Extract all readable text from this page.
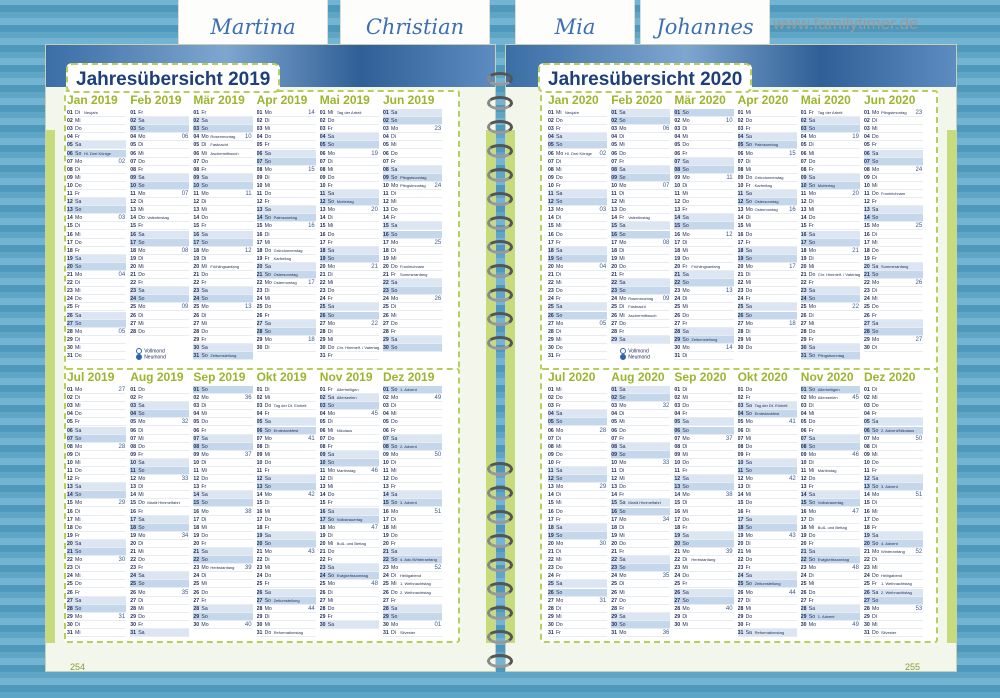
Martina	Christian	Mia	Johannes	www.familytimer.de
Jahresübersicht 2019
254
Jan 2019
01 Di Neujahr
02 Mi
03 Do
04 Fr
05 Sa
06 So Hl. Drei Könige
07 Mo	02
08 Di
09 Mi
10 Do
11 Fr
12 Sa
13 So
14 Mo	03
15 Di
16 Mi
17 Do
18 Fr
19 Sa
20 So
21 Mo	04
22 Di
23 Mi
24 Do
25 Fr
26 Sa
27 So
28 Mo	05
29 Di
30 Mi
31 Do
Feb 2019
01 Fr
02 Sa
03 So
04 Mo	06
05 Di
06 Mi
07 Do
08 Fr
09 Sa
10 So
11 Mo	07
12 Di
13 Mi
14 Do Valentinstag
15 Fr
16 Sa
17 So
18 Mo	08
19 Di
20 Mi
21 Do
22 Fr
23 Sa
24 So
25 Mo	09
26 Di
27 Mi
28 Do
Mär 2019
01 Fr
02 Sa
03 So
04 Mo Rosenmontag 10
05 Di Fastnacht
06 Mi Aschermittwoch
07 Do
08 Fr
09 Sa
10 So
11 Mo	11
12 Di
13 Mi
14 Do
15 Fr
16 Sa
17 So
18 Mo	12
19 Di
20 Mi Frühlingsanfang
21 Do
22 Fr
23 Sa
24 So
25 Mo	13
26 Di
27 Mi
28 Do
29 Fr
30 Sa
31 So Zeitumstellung
Apr 2019
01 Mo	14
02 Di
03 Mi
04 Do
05 Fr
06 Sa
07 So
08 Mo	15
09 Di
10 Mi
11 Do
12 Fr
13 Sa
14 So Palmsonntag
15 Mo	16
16 Di
17 Mi
18 Do Gründonnerstag
19 Fr Karfreitag
20 Sa
21 So Ostersonntag
22 Mo Ostermontag 17
23 Di
24 Mi
25 Do
26 Fr
27 Sa
28 So
29 Mo	18
30 Di
Mai 2019
01 Mi Tag der Arbeit
02 Do
03 Fr
04 Sa
05 So
06 Mo	19
07 Di
08 Mi
09 Do
10 Fr
11 Sa
12 So Muttertag
13 Mo	20
14 Di
15 Mi
16 Do
17 Fr
18 Sa
19 So
20 Mo	21
21 Di
22 Mi
23 Do
24 Fr
25 Sa
26 So
27 Mo	22
28 Di
29 Mi
30 Do Chr. Himmelf. / Vatertag
31 Fr
Jun 2019
01 Sa
02 So
03 Mo	23
04 Di
05 Mi
06 Do
07 Fr
08 Sa
09 So Pfingstsonntag
10 Mo Pfingstmontag 24
11 Di
12 Mi
13 Do
14 Fr
15 Sa
16 So
17 Mo	25
18 Di
19 Mi
20 Do Fronleichnam
21 Fr Sommeranfang
22 Sa
23 So
24 Mo	26
25 Di
26 Mi
27 Do
28 Fr
29 Sa
30 So
Jul 2019
01 Mo	27
02 Di
03 Mi
04 Do
05 Fr
06 Sa
07 So
08 Mo	28
09 Di
10 Mi
11 Do
12 Fr
13 Sa
14 So
15 Mo	29
16 Di
17 Mi
18 Do
19 Fr
20 Sa
21 So
22 Mo	30
23 Di
24 Mi
25 Do
26 Fr
27 Sa
28 So
29 Mo	31
30 Di
31 Mi
Aug 2019
01 Do
02 Fr
03 Sa
04 So
05 Mo	32
06 Di
07 Mi
08 Do
09 Fr
10 Sa
11 So
12 Mo	33
13 Di
14 Mi
15 Do Mariä Himmelfahrt
16 Fr
17 Sa
18 So
19 Mo	34
20 Di
21 Mi
22 Do
23 Fr
24 Sa
25 So
26 Mo	35
27 Di
28 Mi
29 Do
30 Fr
31 Sa
Sep 2019
01 So
02 Mo	36
03 Di
04 Mi
05 Do
06 Fr
07 Sa
08 So
09 Mo	37
10 Di
11 Mi
12 Do
13 Fr
14 Sa
15 So
16 Mo	38
17 Di
18 Mi
19 Do
20 Fr
21 Sa
22 So
23 Mo Herbstanfang 39
24 Di
25 Mi
26 Do
27 Fr
28 Sa
29 So
30 Mo	40
Okt 2019
01 Di
02 Mi
03 Do Tag der Dt. Einheit
04 Fr
05 Sa
06 So Erntedankfest
07 Mo	41
08 Di
09 Mi
10 Do
11 Fr
12 Sa
13 So
14 Mo	42
15 Di
16 Mi
17 Do
18 Fr
19 Sa
20 So
21 Mo	43
22 Di
23 Mi
24 Do
25 Fr
26 Sa
27 So Zeitumstellung
28 Mo	44
29 Di
30 Mi
31 Do Reformationstag
Nov 2019
01 Fr Allerheiligen
02 Sa Allerseelen
03 So
04 Mo	45
05 Di
06 Mi Nikolaus
07 Do
08 Fr
09 Sa
10 So
11 Mo Martinstag	46
12 Di
13 Mi
14 Do
15 Fr
16 Sa
17 So Volkstrauertag
18 Mo	47
19 Di
20 Mi Buß- und Bettag
21 Do
22 Fr
23 Sa
24 So Ewigkeitssonntag
25 Mo	48
26 Di
27 Mi
28 Do
29 Fr
30 Sa
Dez 2019
01 So 1. Advent
02 Mo	49
03 Di
04 Mi
05 Do
06 Fr
07 Sa
08 So 2. Advent
09 Mo	50
10 Di
11 Mi
12 Do
13 Fr
14 Sa
15 So 3. Advent
16 Mo	51
17 Di
18 Mi
19 Do
20 Fr
21 Sa
22 So 4. Adv./Winteranfang
23 Mo	52
24 Di Heiligabend
25 Mi 1. Weihnachtstag
26 Do 2. Weihnachtstag
27 Fr
28 Sa
29 So
30 Mo	01
31 Di Silvester
Vollmond
Neumond
Jahresübersicht 2020
255
Jan 2020
01 Mi Neujahr
02 Do
03 Fr
04 Sa
05 So
06 Mo Hl. Drei Könige 02
07 Di
08 Mi
09 Do
10 Fr
11 Sa
12 So
13 Mo	03
14 Di
15 Mi
16 Do
17 Fr
18 Sa
19 So
20 Mo	04
21 Di
22 Mi
23 Do
24 Fr
25 Sa
26 So
27 Mo	05
28 Di
29 Mi
30 Do
31 Fr
Feb 2020
01 Sa
02 So
03 Mo	06
04 Di
05 Mi
06 Do
07 Fr
08 Sa
09 So
10 Mo	07
11 Di
12 Mi
13 Do
14 Fr Valentinstag
15 Sa
16 So
17 Mo	08
18 Di
19 Mi
20 Do
21 Fr
22 Sa
23 So
24 Mo Rosenmontag 09
25 Di Fastnacht
26 Mi Aschermittwoch
27 Do
28 Fr
29 Sa
Mär 2020
01 So
02 Mo	10
03 Di
04 Mi
05 Do
06 Fr
07 Sa
08 So
09 Mo	11
10 Di
11 Mi
12 Do
13 Fr
14 Sa
15 So
16 Mo	12
17 Di
18 Mi
19 Do
20 Fr Frühlingsanfang
21 Sa
22 So
23 Mo	13
24 Di
25 Mi
26 Do
27 Fr
28 Sa
29 So Zeitumstellung
30 Mo	14
31 Di
Apr 2020
01 Mi
02 Do
03 Fr
04 Sa
05 So Palmsonntag
06 Mo	15
07 Di
08 Mi
09 Do Gründonnerstag
10 Fr Karfreitag
11 Sa
12 So Ostersonntag
13 Mo Ostermontag 16
14 Di
15 Mi
16 Do
17 Fr
18 Sa
19 So
20 Mo	17
21 Di
22 Mi
23 Do
24 Fr
25 Sa
26 So
27 Mo	18
28 Di
29 Mi
30 Do
Mai 2020
01 Fr Tag der Arbeit
02 Sa
03 So
04 Mo	19
05 Di
06 Mi
07 Do
08 Fr
09 Sa
10 So Muttertag
11 Mo	20
12 Di
13 Mi
14 Do
15 Fr
16 Sa
17 So
18 Mo	21
19 Di
20 Mi
21 Do Chr. Himmelf. / Vatertag
22 Fr
23 Sa
24 So
25 Mo	22
26 Di
27 Mi
28 Do
29 Fr
30 Sa
31 So Pfingstsonntag
Jun 2020
01 Mo Pfingstmontag 23
02 Di
03 Mi
04 Do
05 Fr
06 Sa
07 So
08 Mo	24
09 Di
10 Mi
11 Do Fronleichnam
12 Fr
13 Sa
14 So
15 Mo	25
16 Di
17 Mi
18 Do
19 Fr
20 Sa Sommeranfang
21 So
22 Mo	26
23 Di
24 Mi
25 Do
26 Fr
27 Sa
28 So
29 Mo	27
30 Di
Jul 2020
01 Mi
02 Do
03 Fr
04 Sa
05 So
06 Mo	28
07 Di
08 Mi
09 Do
10 Fr
11 Sa
12 So
13 Mo	29
14 Di
15 Mi
16 Do
17 Fr
18 Sa
19 So
20 Mo	30
21 Di
22 Mi
23 Do
24 Fr
25 Sa
26 So
27 Mo	31
28 Di
29 Mi
30 Do
31 Fr
Aug 2020
01 Sa
02 So
03 Mo	32
04 Di
05 Mi
06 Do
07 Fr
08 Sa
09 So
10 Mo	33
11 Di
12 Mi
13 Do
14 Fr
15 Sa Mariä Himmelfahrt
16 So
17 Mo	34
18 Di
19 Mi
20 Do
21 Fr
22 Sa
23 So
24 Mo	35
25 Di
26 Mi
27 Do
28 Fr
29 Sa
30 So
31 Mo	36
Sep 2020
01 Di
02 Mi
03 Do
04 Fr
05 Sa
06 So
07 Mo	37
08 Di
09 Mi
10 Do
11 Fr
12 Sa
13 So
14 Mo	38
15 Di
16 Mi
17 Do
18 Fr
19 Sa
20 So
21 Mo	39
22 Di Herbstanfang
23 Mi
24 Do
25 Fr
26 Sa
27 So
28 Mo	40
29 Di
30 Mi
Okt 2020
01 Do
02 Fr
03 Sa Tag der Dt. Einheit
04 So Erntedankfest
05 Mo	41
06 Di
07 Mi
08 Do
09 Fr
10 Sa
11 So
12 Mo	42
13 Di
14 Mi
15 Do
16 Fr
17 Sa
18 So
19 Mo	43
20 Di
21 Mi
22 Do
23 Fr
24 Sa
25 So Zeitumstellung
26 Mo	44
27 Di
28 Mi
29 Do
30 Fr
31 Sa Reformationstag
Nov 2020
01 So Allerheiligen
02 Mo Allerseelen 45
03 Di
04 Mi
05 Do
06 Fr
07 Sa
08 So
09 Mo	46
10 Di
11 Mi Martinstag
12 Do
13 Fr
14 Sa
15 So Volkstrauertag
16 Mo	47
17 Di
18 Mi Buß- und Bettag
19 Do
20 Fr
21 Sa
22 So Ewigkeitssonntag
23 Mo	48
24 Di
25 Mi
26 Do
27 Fr
28 Sa
29 So 1. Advent
30 Mo	49
Dez 2020
01 Di
02 Mi
03 Do
04 Fr
05 Sa
06 So 2. Advent/Nikolaus
07 Mo	50
08 Di
09 Mi
10 Do
11 Fr
12 Sa
13 So 3. Advent
14 Mo	51
15 Di
16 Mi
17 Do
18 Fr
19 Sa
20 So 4. Advent
21 Mo Winteranfang 52
22 Di
23 Mi
24 Do Heiligabend
25 Fr 1. Weihnachtstag
26 Sa 2. Weihnachtstag
27 So
28 Mo	53
29 Di
30 Mi
31 Do Silvester
Vollmond
Neumond
